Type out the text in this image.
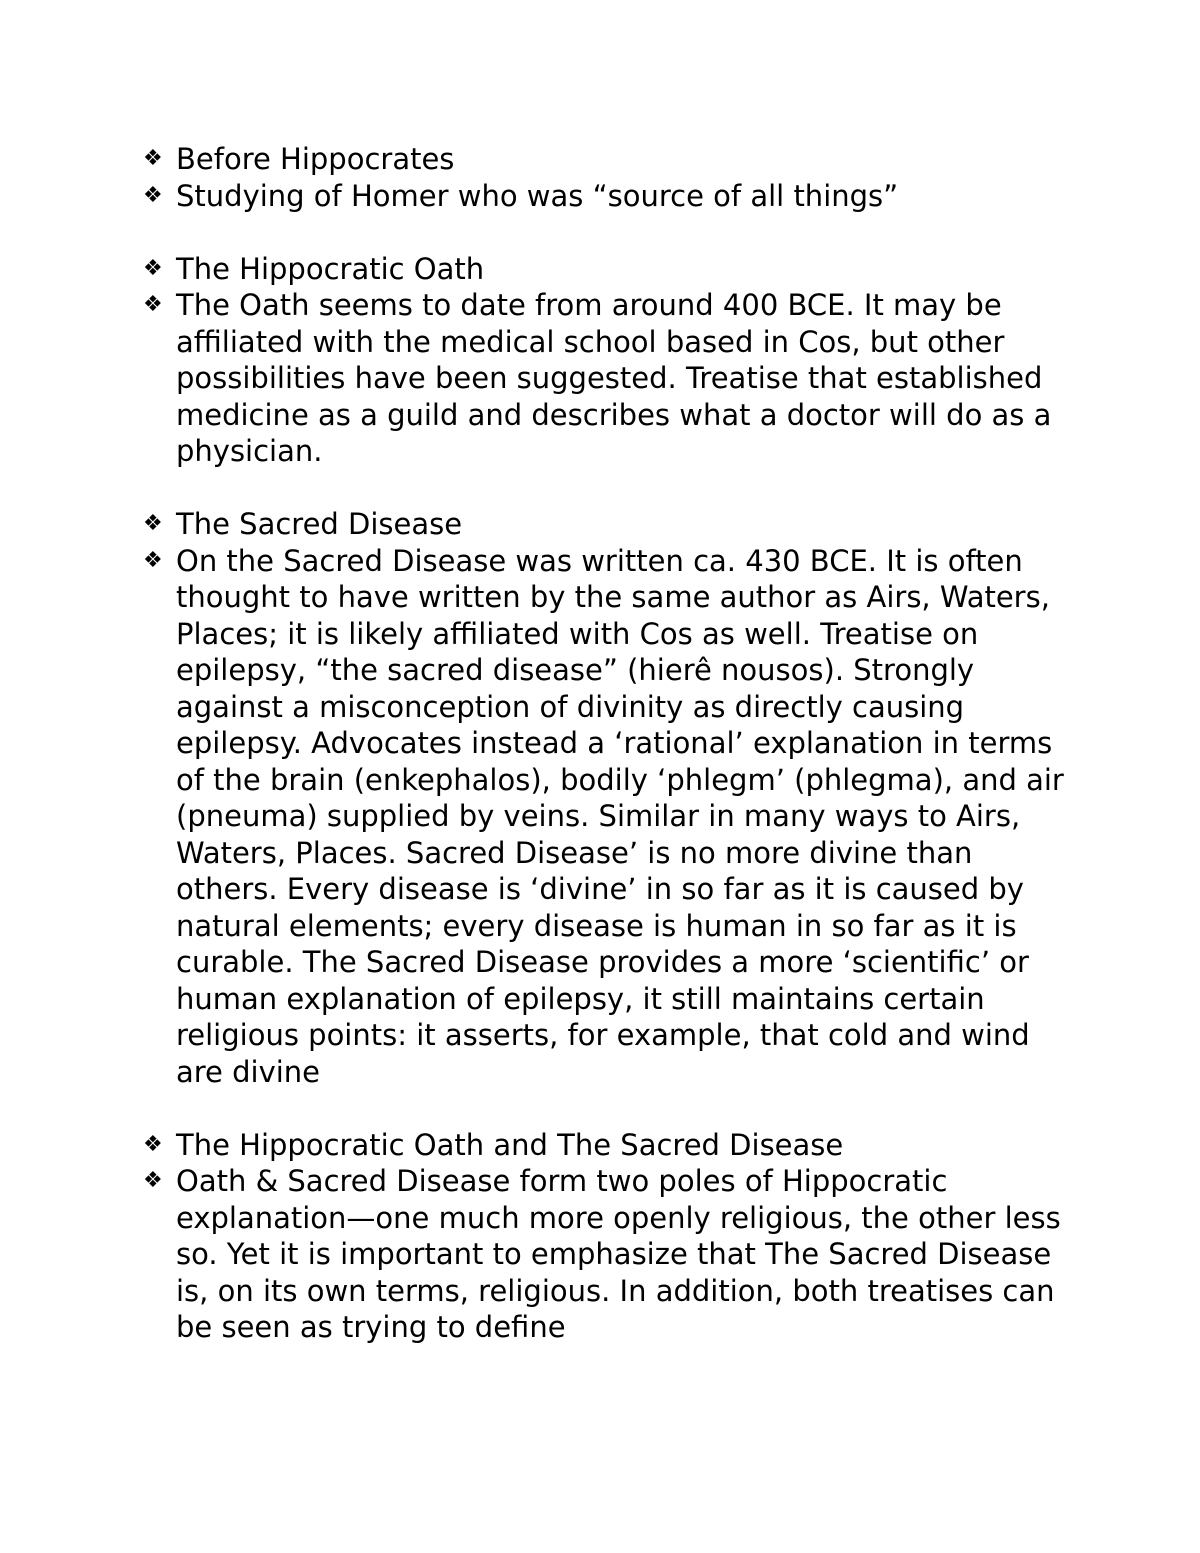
❖ Before Hippocrates
❖ Studying of Homer who was “source of all things”
❖ The Hippocratic Oath
❖ The Oath seems to date from around 400 BCE. It may be affiliated with the medical school based in Cos, but other possibilities have been suggested. Treatise that established medicine as a guild and describes what a doctor will do as a physician.
❖ The Sacred Disease
❖ On the Sacred Disease was written ca. 430 BCE. It is often thought to have written by the same author as Airs, Waters, Places; it is likely affiliated with Cos as well. Treatise on epilepsy, “the sacred disease” (hierê nousos). Strongly against a misconception of divinity as directly causing epilepsy. Advocates instead a ‘rational’ explanation in terms of the brain (enkephalos), bodily ‘phlegm’ (phlegma), and air (pneuma) supplied by veins. Similar in many ways to Airs, Waters, Places. Sacred Disease’ is no more divine than others. Every disease is ‘divine’ in so far as it is caused by natural elements; every disease is human in so far as it is curable. The Sacred Disease provides a more ‘scientific’ or human explanation of epilepsy, it still maintains certain religious points: it asserts, for example, that cold and wind are divine
❖ The Hippocratic Oath and The Sacred Disease
❖ Oath & Sacred Disease form two poles of Hippocratic explanation—one much more openly religious, the other less so. Yet it is important to emphasize that The Sacred Disease is, on its own terms, religious. In addition, both treatises can be seen as trying to define
